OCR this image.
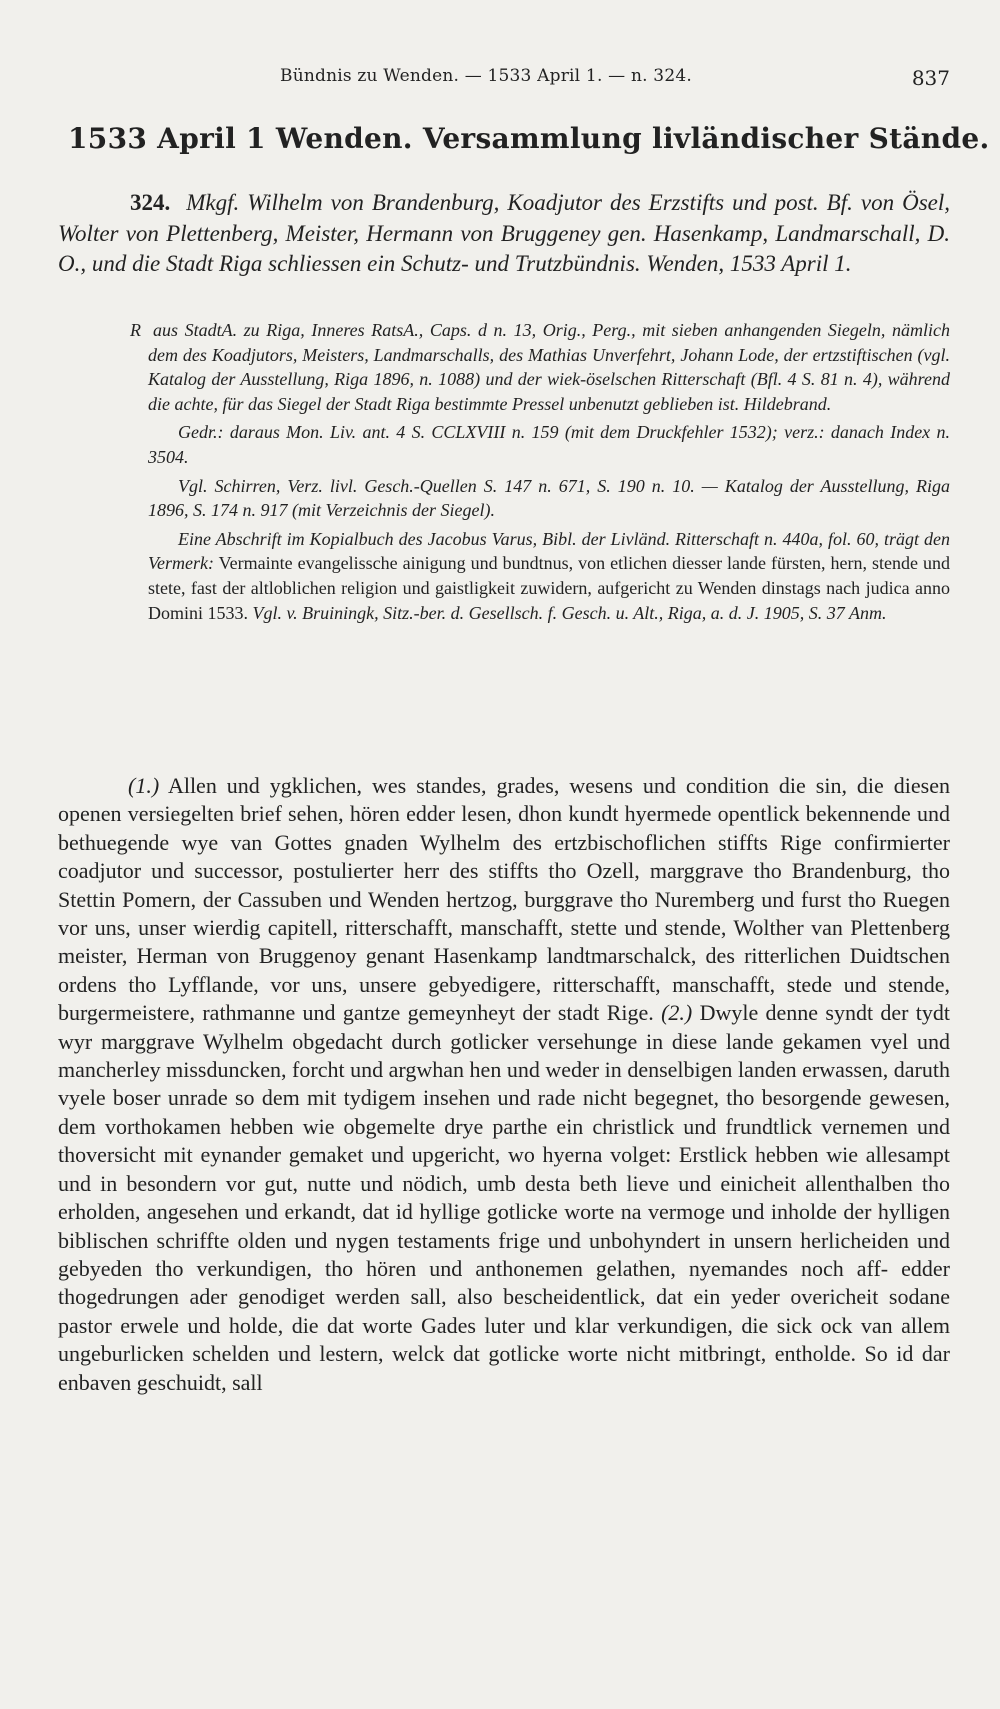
Bündnis zu Wenden. — 1533 April 1. — n. 324.	837
1533 April 1 Wenden. Versammlung livländischer Stände.
324. Mkgf. Wilhelm von Brandenburg, Koadjutor des Erzstifts und post. Bf. von Ösel, Wolter von Plettenberg, Meister, Hermann von Bruggeney gen. Hasenkamp, Landmarschall, D. O., und die Stadt Riga schliessen ein Schutz- und Trutzbündnis. Wenden, 1533 April 1.

R aus StadtA. zu Riga, Inneres RatsA., Caps. d n. 13, Orig., Perg., mit sieben anhangenden Siegeln, nämlich dem des Koadjutors, Meisters, Landmarschalls, des Mathias Unverfehrt, Johann Lode, der ertzstiftischen (vgl. Katalog der Ausstellung, Riga 1896, n. 1088) und der wiek-öselschen Ritterschaft (Bfl. 4 S. 81 n. 4), während die achte, für das Siegel der Stadt Riga bestimmte Pressel unbenutzt geblieben ist. Hildebrand.

Gedr.: daraus Mon. Liv. ant. 4 S. CCLXVIII n. 159 (mit dem Druckfehler 1532); verz.: danach Index n. 3504.

Vgl. Schirren, Verz. livl. Gesch.-Quellen S. 147 n. 671, S. 190 n. 10. — Katalog der Ausstellung, Riga 1896, S. 174 n. 917 (mit Verzeichnis der Siegel).

Eine Abschrift im Kopialbuch des Jacobus Varus, Bibl. der Livländ. Ritterschaft n. 440a, fol. 60, trägt den Vermerk: Vermainte evangelissche ainigung und bundtnus, von etlichen diesser lande fürsten, hern, stende und stete, fast der altloblichen religion und gaistligkeit zuwidern, aufgericht zu Wenden dinstags nach judica anno Domini 1533. Vgl. v. Bruiningk, Sitz.-ber. d. Gesellsch. f. Gesch. u. Alt., Riga, a. d. J. 1905, S. 37 Anm.

(1.) Allen und ygklichen, wes standes, grades, wesens und condition die sin, die diesen openen versiegelten brief sehen, hören edder lesen, dhon kundt hyermede opentlick bekennende und bethuegende wye van Gottes gnaden Wylhelm des ertzbischoflichen stiffts Rige confirmierter coadjutor und successor, postulierter herr des stiffts tho Ozell, marggrave tho Brandenburg, tho Stettin Pomern, der Cassuben und Wenden hertzog, burggrave tho Nuremberg und furst tho Ruegen vor uns, unser wierdig capitell, ritterschafft, manschafft, stette und stende, Wolther van Plettenberg meister, Herman von Bruggenoy genant Hasenkamp landtmarschalck, des ritterlichen Duidtschen ordens tho Lyfflande, vor uns, unsere gebyedigere, ritterschafft, manschafft, stede und stende, burgermeistere, rathmanne und gantze gemeynheyt der stadt Rige. (2.) Dwyle denne syndt der tydt wyr marggrave Wylhelm obgedacht durch gotlicker versehunge in diese lande gekamen vyel und mancherley missduncken, forcht und argwhan hen und weder in denselbigen landen erwassen, daruth vyele boser unrade so dem mit tydigem insehen und rade nicht begegnet, tho besorgende gewesen, dem vorthokamen hebben wie obgemelte drye parthe ein christlick und frundtlick vernemen und thoversicht mit eynander gemaket und upgericht, wo hyerna volget: Erstlick hebben wie allesampt und in besondern vor gut, nutte und nödich, umb desta beth lieve und einicheit allenthalben tho erholden, angesehen und erkandt, dat id hyllige gotlicke worte na vermoge und inholde der hylligen biblischen schriffte olden und nygen testaments frige und unbohyndert in unsern herlicheiden und gebyeden tho verkundigen, tho hören und anthonemen gelathen, nyemandes noch aff- edder thogedrungen ader genodiget werden sall, also bescheidentlick, dat ein yeder overicheit sodane pastor erwele und holde, die dat worte Gades luter und klar verkundigen, die sick ock van allem ungeburlicken schelden und lestern, welck dat gotlicke worte nicht mitbringt, entholde. So id dar enbaven geschuidt, sall
